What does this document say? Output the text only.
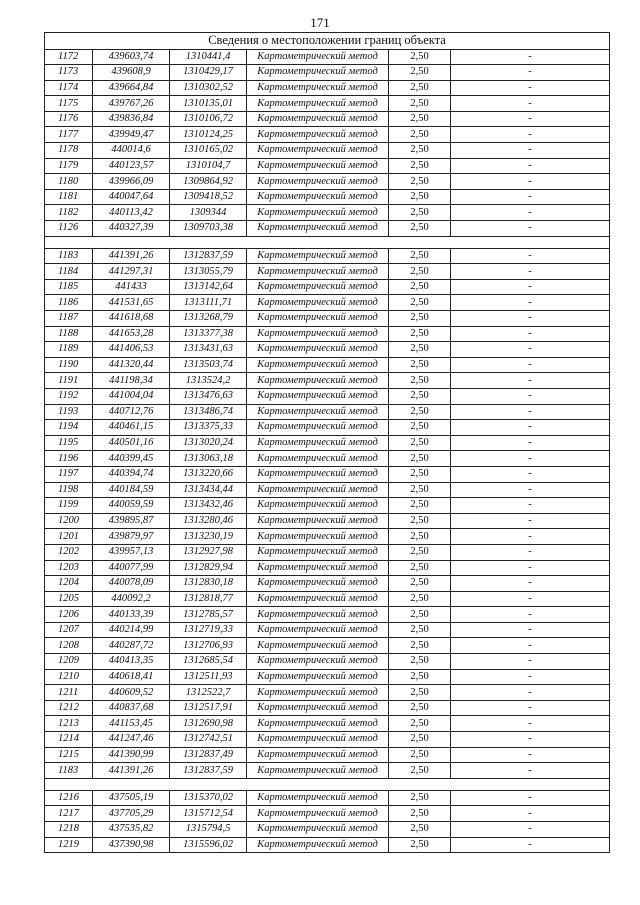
171
Сведения о местоположении границ объекта					
1172	439603,74	1310441,4	Картометрический метод	2,50	-
1173	439608,9	1310429,17	Картометрический метод	2,50	-
1174	439664,84	1310302,52	Картометрический метод	2,50	-
1175	439767,26	1310135,01	Картометрический метод	2,50	-
1176	439836,84	1310106,72	Картометрический метод	2,50	-
1177	439949,47	1310124,25	Картометрический метод	2,50	-
1178	440014,6	1310165,02	Картометрический метод	2,50	-
1179	440123,57	1310104,7	Картометрический метод	2,50	-
1180	439966,09	1309864,92	Картометрический метод	2,50	-
1181	440047,64	1309418,52	Картометрический метод	2,50	-
1182	440113,42	1309344	Картометрический метод	2,50	-
1126	440327,39	1309703,38	Картометрический метод	2,50	-

1183	441391,26	1312837,59	Картометрический метод	2,50	-
1184	441297,31	1313055,79	Картометрический метод	2,50	-
1185	441433	1313142,64	Картометрический метод	2,50	-
1186	441531,65	1313111,71	Картометрический метод	2,50	-
1187	441618,68	1313268,79	Картометрический метод	2,50	-
1188	441653,28	1313377,38	Картометрический метод	2,50	-
1189	441406,53	1313431,63	Картометрический метод	2,50	-
1190	441320,44	1313503,74	Картометрический метод	2,50	-
1191	441198,34	1313524,2	Картометрический метод	2,50	-
1192	441004,04	1313476,63	Картометрический метод	2,50	-
1193	440712,76	1313486,74	Картометрический метод	2,50	-
1194	440461,15	1313375,33	Картометрический метод	2,50	-
1195	440501,16	1313020,24	Картометрический метод	2,50	-
1196	440399,45	1313063,18	Картометрический метод	2,50	-
1197	440394,74	1313220,66	Картометрический метод	2,50	-
1198	440184,59	1313434,44	Картометрический метод	2,50	-
1199	440059,59	1313432,46	Картометрический метод	2,50	-
1200	439895,87	1313280,46	Картометрический метод	2,50	-
1201	439879,97	1313230,19	Картометрический метод	2,50	-
1202	439957,13	1312927,98	Картометрический метод	2,50	-
1203	440077,99	1312829,94	Картометрический метод	2,50	-
1204	440078,09	1312830,18	Картометрический метод	2,50	-
1205	440092,2	1312818,77	Картометрический метод	2,50	-
1206	440133,39	1312785,57	Картометрический метод	2,50	-
1207	440214,99	1312719,33	Картометрический метод	2,50	-
1208	440287,72	1312706,93	Картометрический метод	2,50	-
1209	440413,35	1312685,54	Картометрический метод	2,50	-
1210	440618,41	1312511,93	Картометрический метод	2,50	-
1211	440609,52	1312522,7	Картометрический метод	2,50	-
1212	440837,68	1312517,91	Картометрический метод	2,50	-
1213	441153,45	1312690,98	Картометрический метод	2,50	-
1214	441247,46	1312742,51	Картометрический метод	2,50	-
1215	441390,99	1312837,49	Картометрический метод	2,50	-
1183	441391,26	1312837,59	Картометрический метод	2,50	-

1216	437505,19	1315370,02	Картометрический метод	2,50	-
1217	437705,29	1315712,54	Картометрический метод	2,50	-
1218	437535,82	1315794,5	Картометрический метод	2,50	-
1219	437390,98	1315596,02	Картометрический метод	2,50	-
